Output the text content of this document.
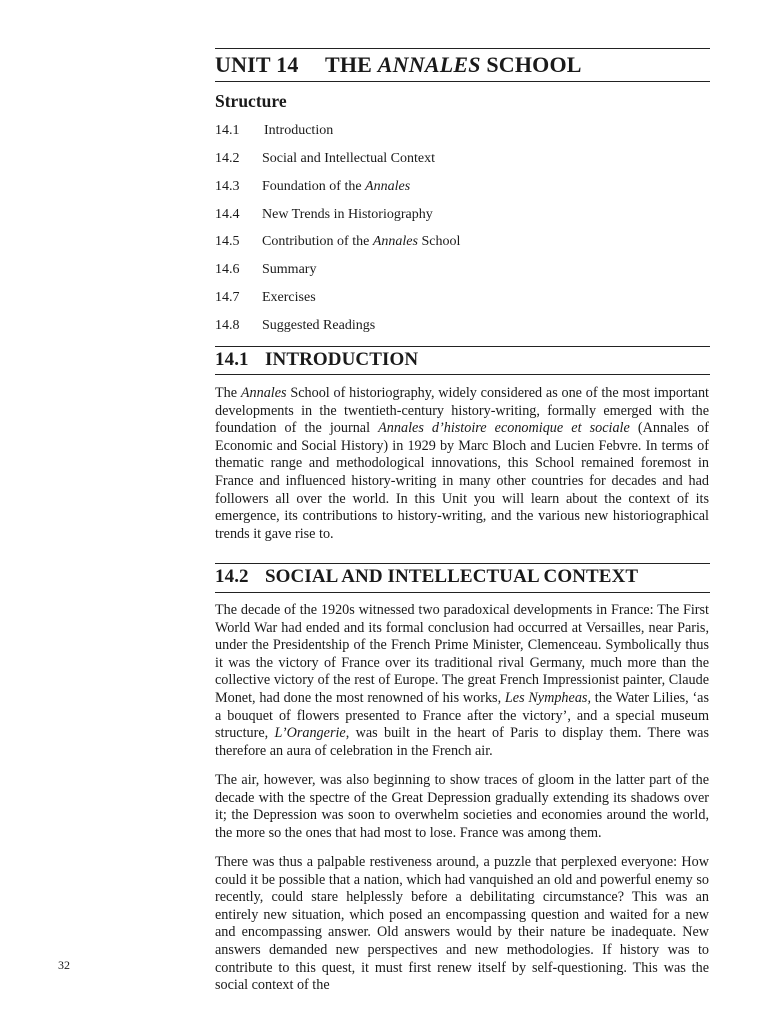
UNIT 14 THE ANNALES SCHOOL
Structure
14.1 Introduction
14.2 Social and Intellectual Context
14.3 Foundation of the Annales
14.4 New Trends in Historiography
14.5 Contribution of the Annales School
14.6 Summary
14.7 Exercises
14.8 Suggested Readings
14.1 INTRODUCTION

The Annales School of historiography, widely considered as one of the most important developments in the twentieth-century history-writing, formally emerged with the foundation of the journal Annales d’histoire economique et sociale (Annales of Economic and Social History) in 1929 by Marc Bloch and Lucien Febvre. In terms of thematic range and methodological innovations, this School remained foremost in France and influenced history-writing in many other countries for decades and had followers all over the world. In this Unit you will learn about the context of its emergence, its contributions to history-writing, and the various new historiographical trends it gave rise to.

14.2 SOCIAL AND INTELLECTUAL CONTEXT

The decade of the 1920s witnessed two paradoxical developments in France: The First World War had ended and its formal conclusion had occurred at Versailles, near Paris, under the Presidentship of the French Prime Minister, Clemenceau. Symbolically thus it was the victory of France over its traditional rival Germany, much more than the collective victory of the rest of Europe. The great French Impressionist painter, Claude Monet, had done the most renowned of his works, Les Nympheas, the Water Lilies, ‘as a bouquet of flowers presented to France after the victory’, and a special museum structure, L’Orangerie, was built in the heart of Paris to display them. There was therefore an aura of celebration in the French air.

The air, however, was also beginning to show traces of gloom in the latter part of the decade with the spectre of the Great Depression gradually extending its shadows over it; the Depression was soon to overwhelm societies and economies around the world, the more so the ones that had most to lose. France was among them.

There was thus a palpable restiveness around, a puzzle that perplexed everyone: How could it be possible that a nation, which had vanquished an old and powerful enemy so recently, could stare helplessly before a debilitating circumstance? This was an entirely new situation, which posed an encompassing question and waited for a new and encompassing answer. Old answers would by their nature be inadequate. New answers demanded new perspectives and new methodologies. If history was to contribute to this quest, it must first renew itself by self-questioning. This was the social context of the

32
